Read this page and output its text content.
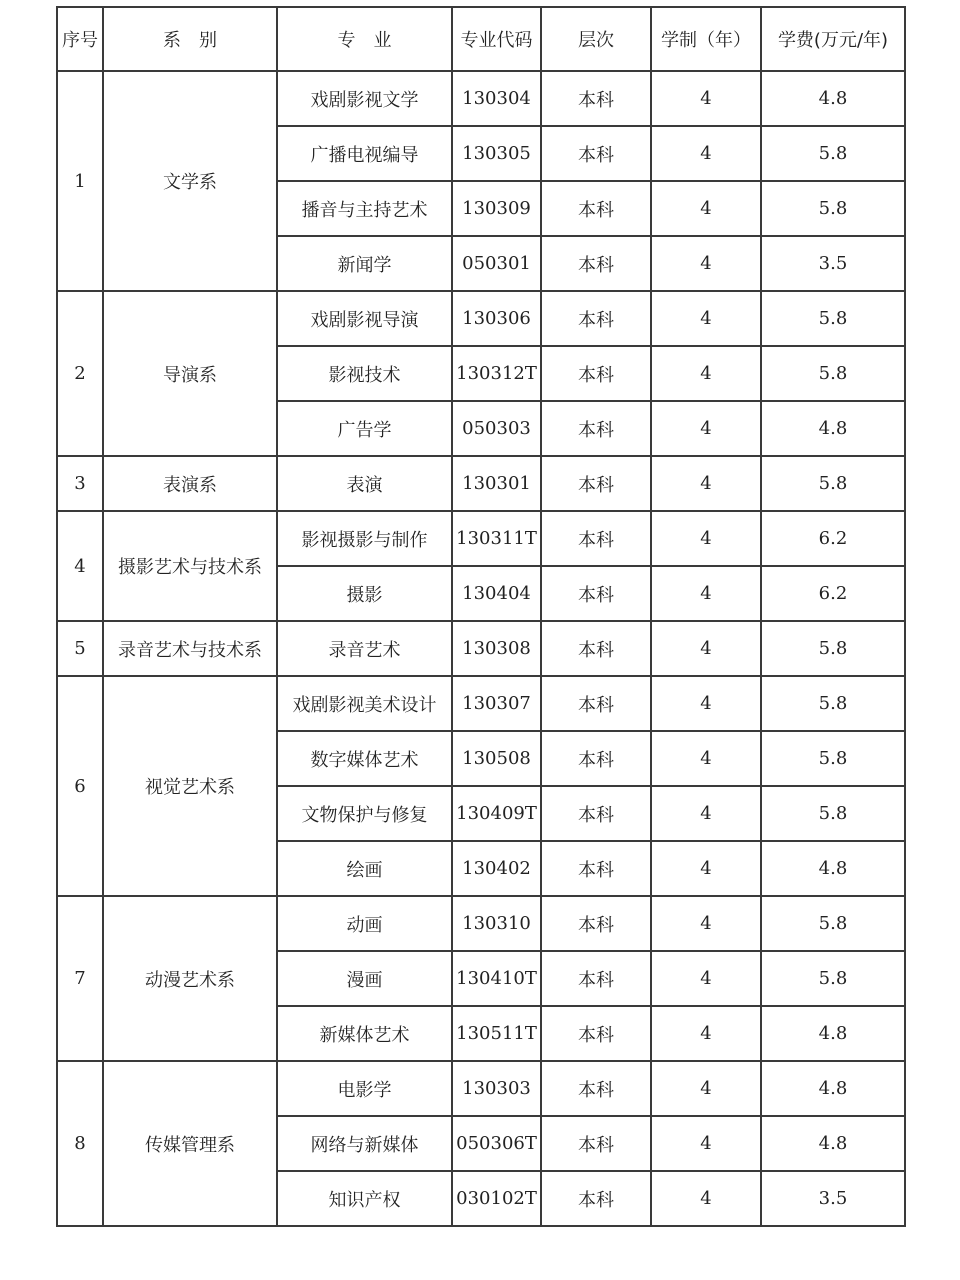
序号	系　别	专　业	专业代码	层次	学制（年）	学费(万元/年)
1	文学系	戏剧影视文学	130304	本科	4	4.8
		广播电视编导	130305	本科	4	5.8
		播音与主持艺术	130309	本科	4	5.8
		新闻学	050301	本科	4	3.5
2	导演系	戏剧影视导演	130306	本科	4	5.8
		影视技术	130312T	本科	4	5.8
		广告学	050303	本科	4	4.8
3	表演系	表演	130301	本科	4	5.8
4	摄影艺术与技术系	影视摄影与制作	130311T	本科	4	6.2
		摄影	130404	本科	4	6.2
5	录音艺术与技术系	录音艺术	130308	本科	4	5.8
6	视觉艺术系	戏剧影视美术设计	130307	本科	4	5.8
		数字媒体艺术	130508	本科	4	5.8
		文物保护与修复	130409T	本科	4	5.8
		绘画	130402	本科	4	4.8
7	动漫艺术系	动画	130310	本科	4	5.8
		漫画	130410T	本科	4	5.8
		新媒体艺术	130511T	本科	4	4.8
8	传媒管理系	电影学	130303	本科	4	4.8
		网络与新媒体	050306T	本科	4	4.8
		知识产权	030102T	本科	4	3.5
